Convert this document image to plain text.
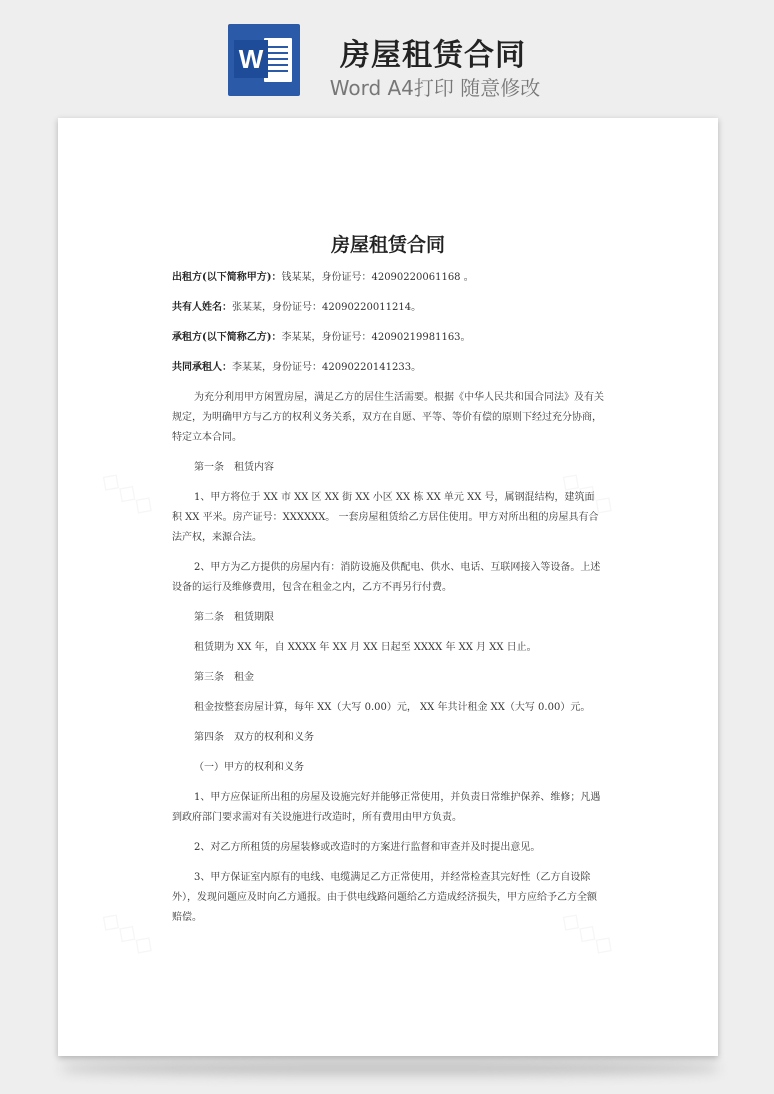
W	房屋租赁合同
Word A4打印 随意修改
房屋租赁合同

出租方(以下简称甲方)：钱某某，身份证号：42090220061168 。

共有人姓名：张某某，身份证号：42090220011214。

承租方(以下简称乙方)：李某某，身份证号：42090219981163。

共同承租人：李某某，身份证号：42090220141233。

为充分利用甲方闲置房屋，满足乙方的居住生活需要。根据《中华人民共和国合同法》及有关规定，为明确甲方与乙方的权利义务关系，双方在自愿、平等、等价有偿的原则下经过充分协商，特定立本合同。

第一条　租赁内容

1、甲方将位于 XX 市 XX 区 XX 街 XX 小区 XX 栋 XX 单元 XX 号，属钢混结构，建筑面积 XX 平米。房产证号：XXXXXX。 一套房屋租赁给乙方居住使用。甲方对所出租的房屋具有合法产权，来源合法。

2、甲方为乙方提供的房屋内有：消防设施及供配电、供水、电话、互联网接入等设备。上述设备的运行及维修费用，包含在租金之内，乙方不再另行付费。

第二条　租赁期限

租赁期为 XX 年，自 XXXX 年 XX 月 XX 日起至 XXXX 年 XX 月 XX 日止。

第三条　租金

租金按整套房屋计算，每年 XX（大写 0.00）元， XX 年共计租金 XX（大写 0.00）元。

第四条　双方的权利和义务

（一）甲方的权利和义务

1、甲方应保证所出租的房屋及设施完好并能够正常使用，并负责日常维护保养、维修；凡遇到政府部门要求需对有关设施进行改造时，所有费用由甲方负责。

2、对乙方所租赁的房屋装修或改造时的方案进行监督和审查并及时提出意见。

3、甲方保证室内原有的电线、电缆满足乙方正常使用，并经常检查其完好性（乙方自设除外），发现问题应及时向乙方通报。由于供电线路问题给乙方造成经济损失，甲方应给予乙方全额赔偿。
